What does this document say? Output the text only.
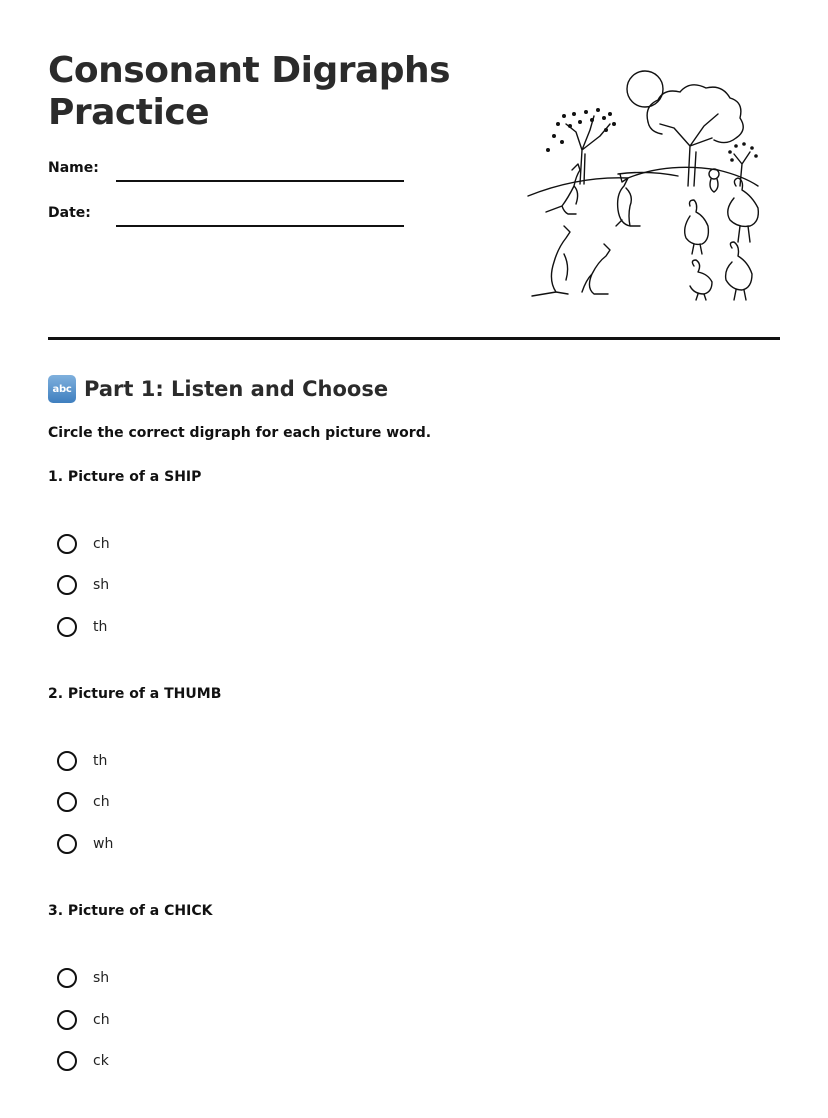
Consonant Digraphs
Practice
Name:
Date:
abc Part 1: Listen and Choose
Circle the correct digraph for each picture word.
1. Picture of a SHIP
ch
sh
th
2. Picture of a THUMB
th
ch
wh
3. Picture of a CHICK
sh
ch
ck
